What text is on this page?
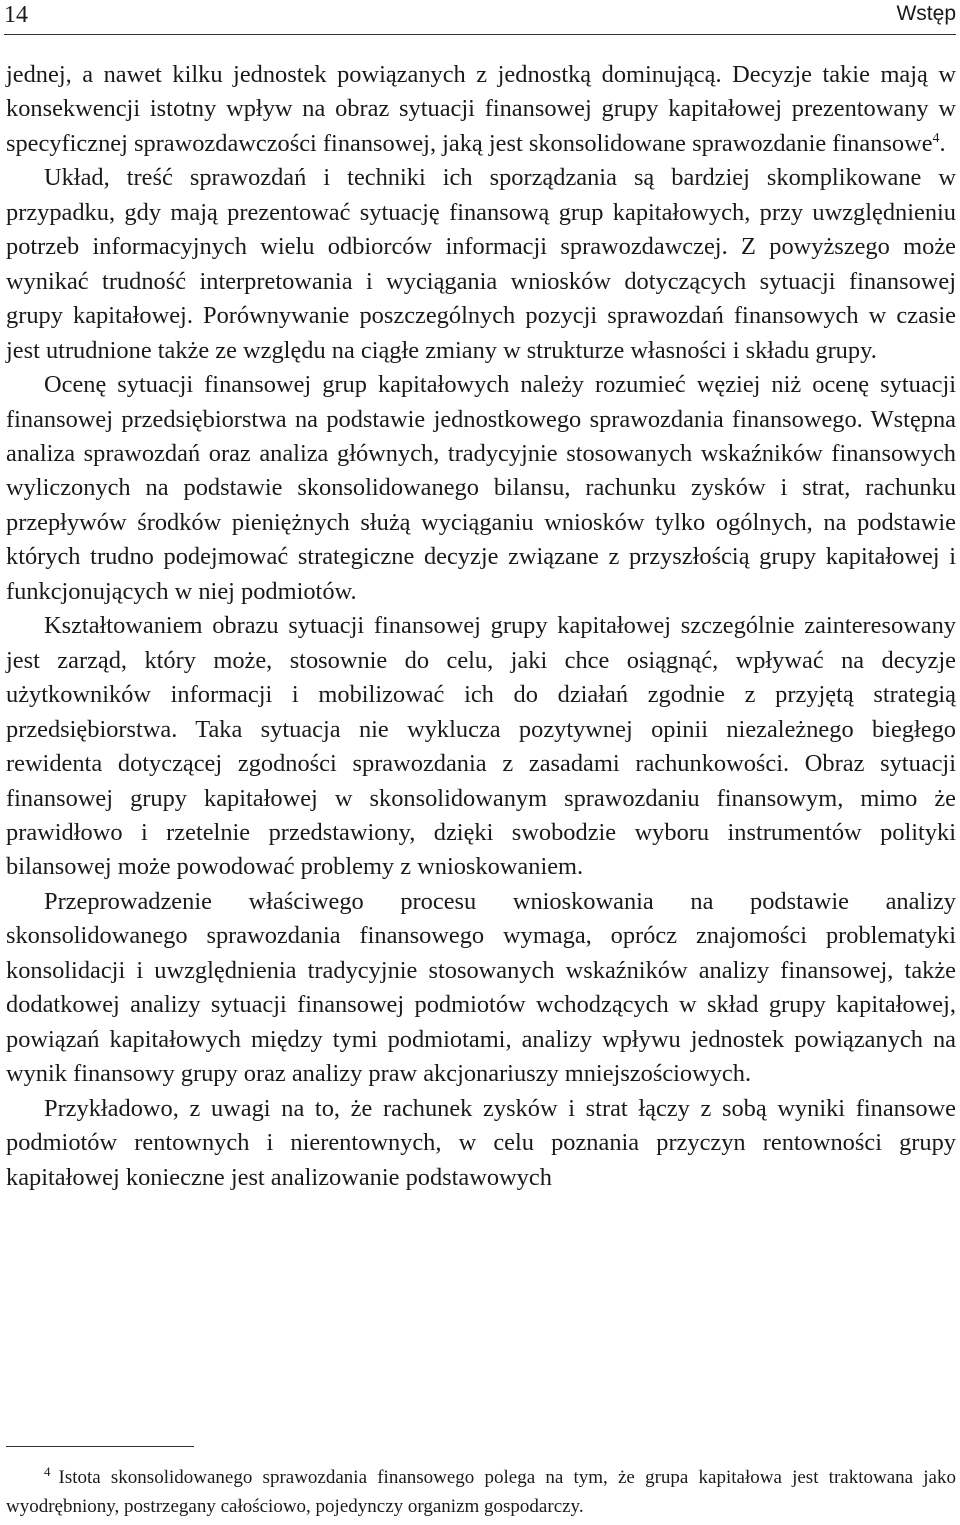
14	Wstęp

jednej, a nawet kilku jednostek powiązanych z jednostką dominującą. Decyzje takie mają w konsekwencji istotny wpływ na obraz sytuacji finansowej grupy kapitałowej prezentowany w specyficznej sprawozdawczości finansowej, jaką jest skonsolidowane sprawozdanie finansowe$^4$.

Układ, treść sprawozdań i techniki ich sporządzania są bardziej skomplikowane w przypadku, gdy mają prezentować sytuację finansową grup kapitałowych, przy uwzględnieniu potrzeb informacyjnych wielu odbiorców informacji sprawozdawczej. Z powyższego może wynikać trudność interpretowania i wyciągania wniosków dotyczących sytuacji finansowej grupy kapitałowej. Porównywanie poszczególnych pozycji sprawozdań finansowych w czasie jest utrudnione także ze względu na ciągłe zmiany w strukturze własności i składu grupy.

Ocenę sytuacji finansowej grup kapitałowych należy rozumieć węziej niż ocenę sytuacji finansowej przedsiębiorstwa na podstawie jednostkowego sprawozdania finansowego. Wstępna analiza sprawozdań oraz analiza głównych, tradycyjnie stosowanych wskaźników finansowych wyliczonych na podstawie skonsolidowanego bilansu, rachunku zysków i strat, rachunku przepływów środków pieniężnych służą wyciąganiu wniosków tylko ogólnych, na podstawie których trudno podejmować strategiczne decyzje związane z przyszłością grupy kapitałowej i funkcjonujących w niej podmiotów.

Kształtowaniem obrazu sytuacji finansowej grupy kapitałowej szczególnie zainteresowany jest zarząd, który może, stosownie do celu, jaki chce osiągnąć, wpływać na decyzje użytkowników informacji i mobilizować ich do działań zgodnie z przyjętą strategią przedsiębiorstwa. Taka sytuacja nie wyklucza pozytywnej opinii niezależnego biegłego rewidenta dotyczącej zgodności sprawozdania z zasadami rachunkowości. Obraz sytuacji finansowej grupy kapitałowej w skonsolidowanym sprawozdaniu finansowym, mimo że prawidłowo i rzetelnie przedstawiony, dzięki swobodzie wyboru instrumentów polityki bilansowej może powodować problemy z wnioskowaniem.

Przeprowadzenie właściwego procesu wnioskowania na podstawie analizy skonsolidowanego sprawozdania finansowego wymaga, oprócz znajomości problematyki konsolidacji i uwzględnienia tradycyjnie stosowanych wskaźników analizy finansowej, także dodatkowej analizy sytuacji finansowej podmiotów wchodzących w skład grupy kapitałowej, powiązań kapitałowych między tymi podmiotami, analizy wpływu jednostek powiązanych na wynik finansowy grupy oraz analizy praw akcjonariuszy mniejszościowych.

Przykładowo, z uwagi na to, że rachunek zysków i strat łączy z sobą wyniki finansowe podmiotów rentownych i nierentownych, w celu poznania przyczyn rentowności grupy kapitałowej konieczne jest analizowanie podstawowych

$^4$ Istota skonsolidowanego sprawozdania finansowego polega na tym, że grupa kapitałowa jest traktowana jako wyodrębniony, postrzegany całościowo, pojedynczy organizm gospodarczy.
